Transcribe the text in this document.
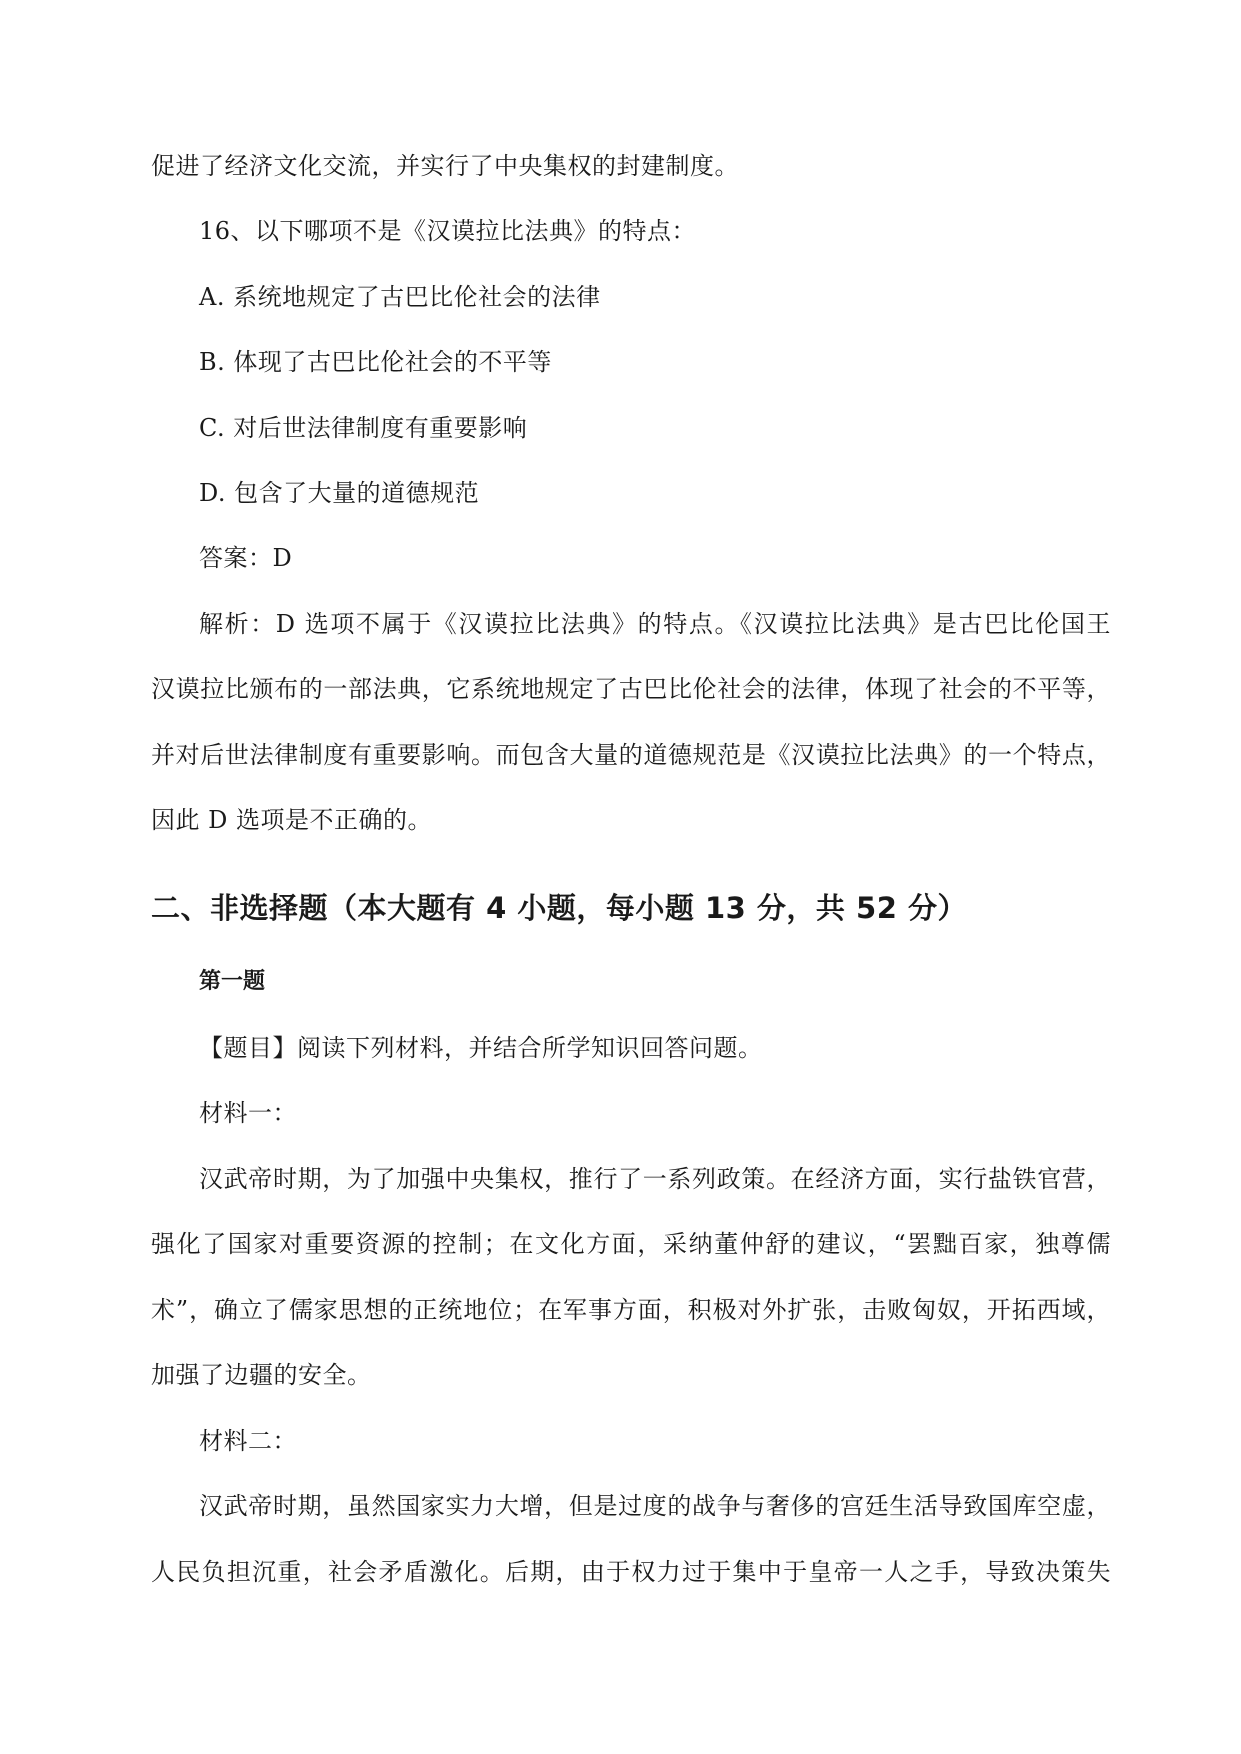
促进了经济文化交流，并实行了中央集权的封建制度。
16、以下哪项不是《汉谟拉比法典》的特点：
A. 系统地规定了古巴比伦社会的法律
B. 体现了古巴比伦社会的不平等
C. 对后世法律制度有重要影响
D. 包含了大量的道德规范
答案：D
解析：D 选项不属于《汉谟拉比法典》的特点。《汉谟拉比法典》是古巴比伦国王
汉谟拉比颁布的一部法典，它系统地规定了古巴比伦社会的法律，体现了社会的不平等，
并对后世法律制度有重要影响。而包含大量的道德规范是《汉谟拉比法典》的一个特点，
因此 D 选项是不正确的。
二、非选择题（本大题有 4 小题，每小题 13 分，共 52 分）
第一题
【题目】阅读下列材料，并结合所学知识回答问题。
材料一：
汉武帝时期，为了加强中央集权，推行了一系列政策。在经济方面，实行盐铁官营，
强化了国家对重要资源的控制；在文化方面，采纳董仲舒的建议，“罢黜百家，独尊儒
术”，确立了儒家思想的正统地位；在军事方面，积极对外扩张，击败匈奴，开拓西域，
加强了边疆的安全。
材料二：
汉武帝时期，虽然国家实力大增，但是过度的战争与奢侈的宫廷生活导致国库空虚，
人民负担沉重，社会矛盾激化。后期，由于权力过于集中于皇帝一人之手，导致决策失
